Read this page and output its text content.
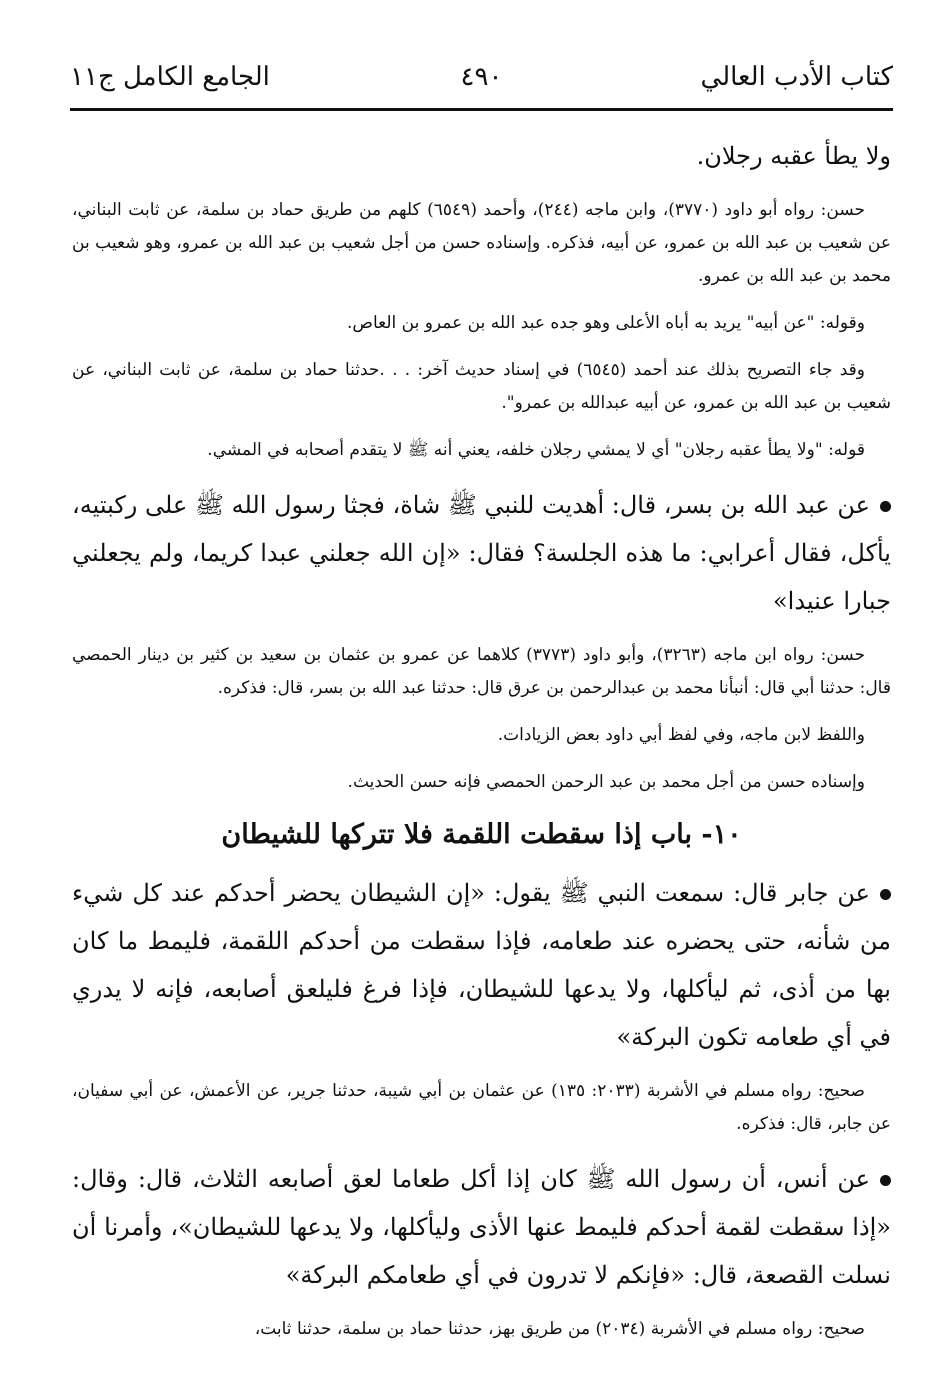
كتاب الأدب العالي
٤٩٠
الجامع الكامل ج١١

ولا يطأ عقبه رجلان.

حسن: رواه أبو داود (٣٧٧٠)، وابن ماجه (٢٤٤)، وأحمد (٦٥٤٩) كلهم من طريق حماد بن سلمة، عن ثابت البناني، عن شعيب بن عبد الله بن عمرو، عن أبيه، فذكره. وإسناده حسن من أجل شعيب بن عبد الله بن عمرو، وهو شعيب بن محمد بن عبد الله بن عمرو.

وقوله: "عن أبيه" يريد به أباه الأعلى وهو جده عبد الله بن عمرو بن العاص.

وقد جاء التصريح بذلك عند أحمد (٦٥٤٥) في إسناد حديث آخر: . . .حدثنا حماد بن سلمة، عن ثابت البناني، عن شعيب بن عبد الله بن عمرو، عن أبيه عبدالله بن عمرو".

قوله: "ولا يطأ عقبه رجلان" أي لا يمشي رجلان خلفه، يعني أنه ﷺ لا يتقدم أصحابه في المشي.

عن عبد الله بن بسر، قال: أهديت للنبي ﷺ شاة، فجثا رسول الله ﷺ على ركبتيه، يأكل، فقال أعرابي: ما هذه الجلسة؟ فقال: «إن الله جعلني عبدا كريما، ولم يجعلني جبارا عنيدا»

حسن: رواه ابن ماجه (٣٢٦٣)، وأبو داود (٣٧٧٣) كلاهما عن عمرو بن عثمان بن سعيد بن كثير بن دينار الحمصي قال: حدثنا أبي قال: أنبأنا محمد بن عبدالرحمن بن عرق قال: حدثنا عبد الله بن بسر، قال: فذكره.

واللفظ لابن ماجه، وفي لفظ أبي داود بعض الزيادات.

وإسناده حسن من أجل محمد بن عبد الرحمن الحمصي فإنه حسن الحديث.

١٠- باب إذا سقطت اللقمة فلا تتركها للشيطان

عن جابر قال: سمعت النبي ﷺ يقول: «إن الشيطان يحضر أحدكم عند كل شيء من شأنه، حتى يحضره عند طعامه، فإذا سقطت من أحدكم اللقمة، فليمط ما كان بها من أذى، ثم ليأكلها، ولا يدعها للشيطان، فإذا فرغ فليلعق أصابعه، فإنه لا يدري في أي طعامه تكون البركة»

صحيح: رواه مسلم في الأشربة (٢٠٣٣: ١٣٥) عن عثمان بن أبي شيبة، حدثنا جرير، عن الأعمش، عن أبي سفيان، عن جابر، قال: فذكره.

عن أنس، أن رسول الله ﷺ كان إذا أكل طعاما لعق أصابعه الثلاث، قال: وقال: «إذا سقطت لقمة أحدكم فليمط عنها الأذى وليأكلها، ولا يدعها للشيطان»، وأمرنا أن نسلت القصعة، قال: «فإنكم لا تدرون في أي طعامكم البركة»

صحيح: رواه مسلم في الأشربة (٢٠٣٤) من طريق بهز، حدثنا حماد بن سلمة، حدثنا ثابت،
